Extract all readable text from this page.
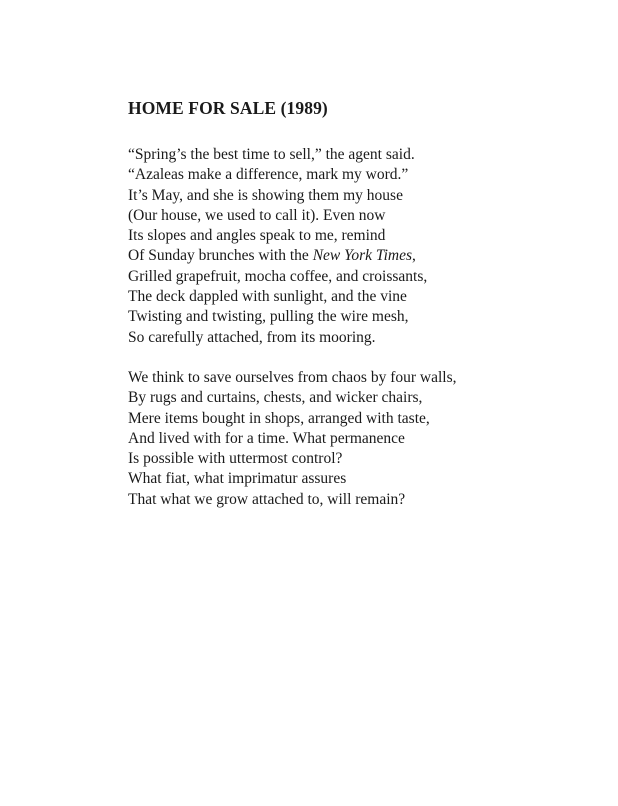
HOME FOR SALE (1989)
“Spring’s the best time to sell,” the agent said.
“Azaleas make a difference, mark my word.”
It’s May, and she is showing them my house
(Our house, we used to call it). Even now
Its slopes and angles speak to me, remind
Of Sunday brunches with the New York Times,
Grilled grapefruit, mocha coffee, and croissants,
The deck dappled with sunlight, and the vine
Twisting and twisting, pulling the wire mesh,
So carefully attached, from its mooring.
We think to save ourselves from chaos by four walls,
By rugs and curtains, chests, and wicker chairs,
Mere items bought in shops, arranged with taste,
And lived with for a time. What permanence
Is possible with uttermost control?
What fiat, what imprimatur assures
That what we grow attached to, will remain?
